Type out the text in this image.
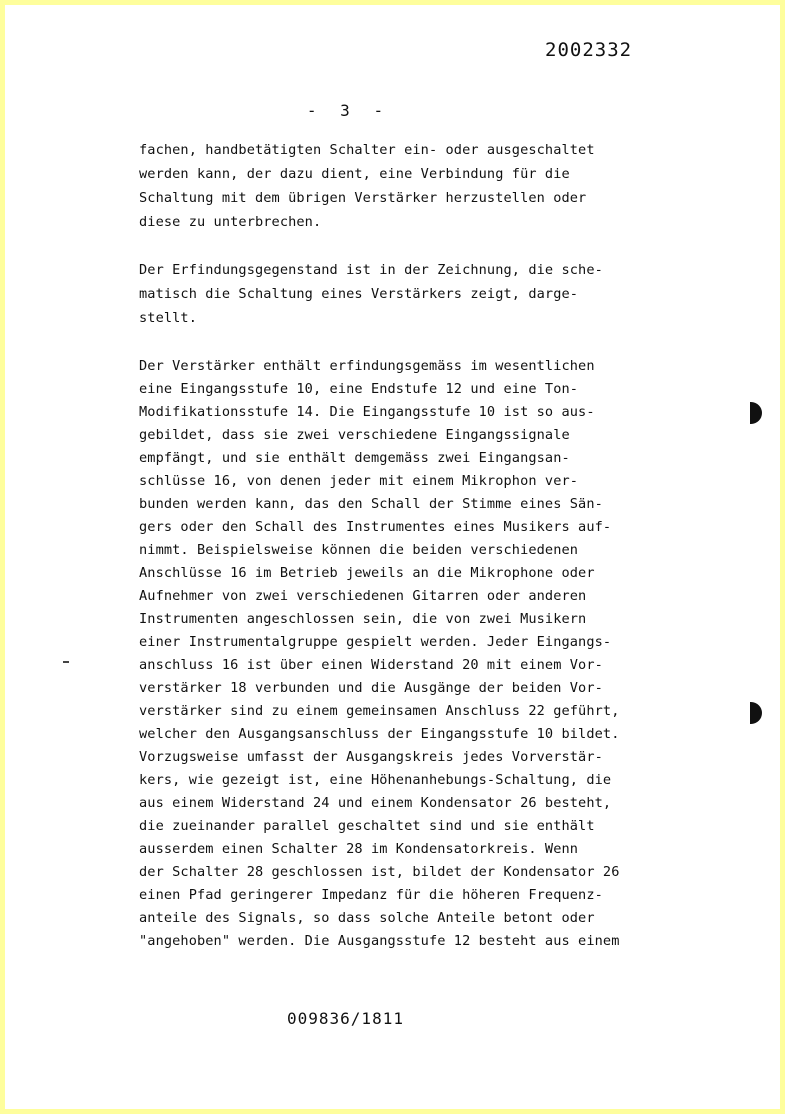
2002332
- 3 -
fachen, handbetätigten Schalter ein- oder ausgeschaltet
werden kann, der dazu dient, eine Verbindung für die
Schaltung mit dem übrigen Verstärker herzustellen oder
diese zu unterbrechen.
Der Erfindungsgegenstand ist in der Zeichnung, die sche-
matisch die Schaltung eines Verstärkers zeigt, darge-
stellt.
Der Verstärker enthält erfindungsgemäss im wesentlichen
eine Eingangsstufe 10, eine Endstufe 12 und eine Ton-
Modifikationsstufe 14. Die Eingangsstufe 10 ist so aus-
gebildet, dass sie zwei verschiedene Eingangssignale
empfängt, und sie enthält demgemäss zwei Eingangsan-
schlüsse 16, von denen jeder mit einem Mikrophon ver-
bunden werden kann, das den Schall der Stimme eines Sän-
gers oder den Schall des Instrumentes eines Musikers auf-
nimmt. Beispielsweise können die beiden verschiedenen
Anschlüsse 16 im Betrieb jeweils an die Mikrophone oder
Aufnehmer von zwei verschiedenen Gitarren oder anderen
Instrumenten angeschlossen sein, die von zwei Musikern
einer Instrumentalgruppe gespielt werden. Jeder Eingangs-
anschluss 16 ist über einen Widerstand 20 mit einem Vor-
verstärker 18 verbunden und die Ausgänge der beiden Vor-
verstärker sind zu einem gemeinsamen Anschluss 22 geführt,
welcher den Ausgangsanschluss der Eingangsstufe 10 bildet.
Vorzugsweise umfasst der Ausgangskreis jedes Vorverstär-
kers, wie gezeigt ist, eine Höhenanhebungs-Schaltung, die
aus einem Widerstand 24 und einem Kondensator 26 besteht,
die zueinander parallel geschaltet sind und sie enthält
ausserdem einen Schalter 28 im Kondensatorkreis. Wenn
der Schalter 28 geschlossen ist, bildet der Kondensator 26
einen Pfad geringerer Impedanz für die höheren Frequenz-
anteile des Signals, so dass solche Anteile betont oder
"angehoben" werden. Die Ausgangsstufe 12 besteht aus einem
009836/1811
